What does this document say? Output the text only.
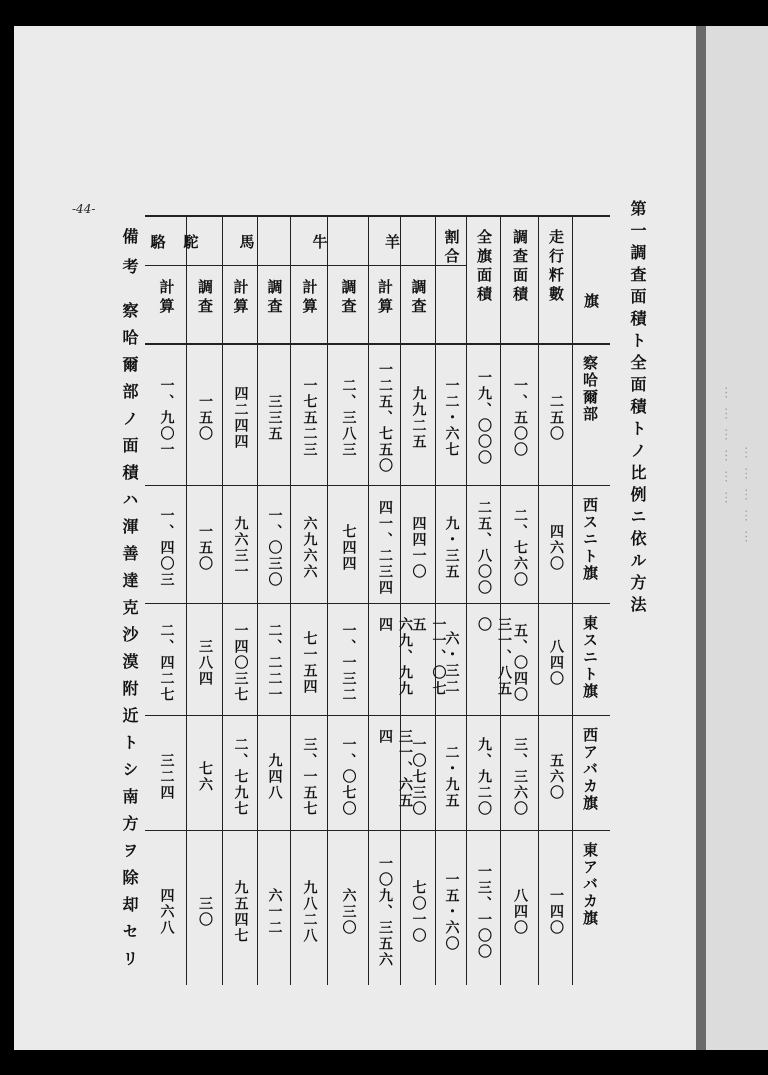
⋯⋯⋯⋯⋯⋯ ⋯⋯⋯⋯⋯
第一調査面積ト全面積トノ比例ニ依ル方法
-44-
備考
察哈爾部ノ面積ハ渾善達克沙漠附近トシ南方ヲ除却セリ	旗
走行粁數
調査面積
全旗面積
割合
羊
調査
計算
牛
調査
計算
馬
調査
計算
駱駝
調査
計算
察哈爾部
二五〇
一、五〇〇
一九、〇〇〇
一二・六七
九九二五
一二五、七五〇
二、三八三
一七五二三
三三五
四二四四
一五〇
一、九〇一
西スニト旗
四六〇
二、七六〇
二五、八〇〇
九・三五
四四一〇
四一、二三四
七四四
六九六六
一、〇三〇
九六三一
一五〇
一、四〇三
東スニト旗
八四〇
五、〇四〇
三一、八五〇
六・三二
一一、〇七五
六九、九九四
一、一三二
七一五四
二、二二一
一四〇三七
三八四
二、四二七
西アバカ旗
五六〇
三、三六〇
九、九二〇
二・九五
一〇七三〇
三一、六五四
一、〇七〇
三、一五七
九四八
二、七九七
七六
三二四
東アバカ旗
一四〇
八四〇
一三、一〇〇
一五・六〇
七〇一〇
一〇九、三五六
六三〇
九八二八
六一二
九五四七
三〇
四六八
